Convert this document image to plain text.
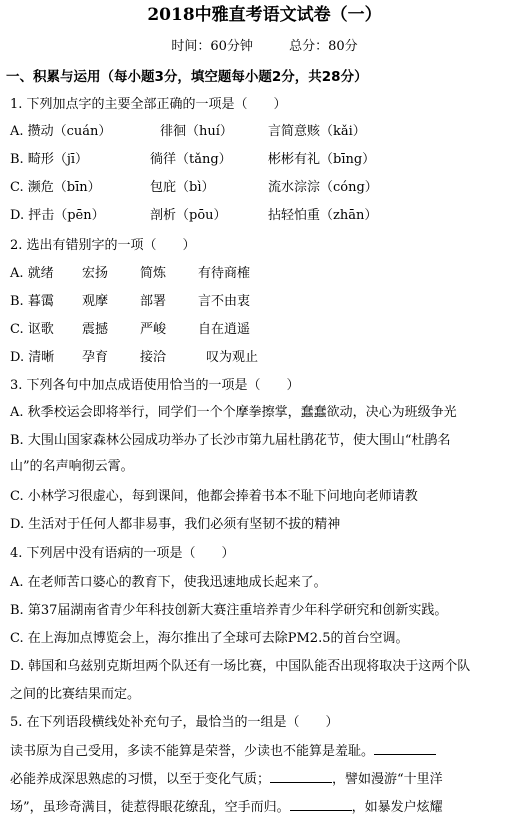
2018中雅直考语文试卷（一）
时间：60分钟	总分：80分
一、积累与运用（每小题3分，填空题每小题2分，共28分）
1. 下列加点字的主要全部正确的一项是（　　）
A. 攒动（cuán）	徘徊（huí）	言简意赅（kǎi）
B. 畸形（jī）	徜徉（tǎng）	彬彬有礼（bīng）
C. 濒危（bīn）	包庇（bì）	流水淙淙（cóng）
D. 抨击（pēn）	剖析（pōu）	拈轻怕重（zhān）
2. 选出有错别字的一项（　　）
A. 就绪 宏扬 简炼 有待商榷
B. 暮霭 观摩 部署 言不由衷
C. 讴歌 震撼 严峻 自在逍遥
D. 清晰 孕育 接洽	叹为观止
3. 下列各句中加点成语使用恰当的一项是（　　）
A. 秋季校运会即将举行，同学们一个个摩拳擦掌，蠢蠢欲动，决心为班级争光
B. 大围山国家森林公园成功举办了长沙市第九届杜鹃花节，使大围山“杜鹃名
山”的名声响彻云霄。
C. 小林学习很虚心，每到课间，他都会捧着书本不耻下问地向老师请教
D. 生活对于任何人都非易事，我们必须有坚韧不拔的精神
4. 下列居中没有语病的一项是（　　）
A. 在老师苦口婆心的教育下，使我迅速地成长起来了。
B. 第37届湖南省青少年科技创新大赛注重培养青少年科学研究和创新实践。
C. 在上海加点博览会上，海尔推出了全球可去除PM2.5的首台空调。
D. 韩国和乌兹别克斯坦两个队还有一场比赛，中国队能否出现将取决于这两个队
之间的比赛结果而定。
5. 在下列语段横线处补充句子，最恰当的一组是（　　）
读书原为自己受用，多读不能算是荣誉，少读也不能算是羞耻。
必能养成深思熟虑的习惯，以至于变化气质；	，譬如漫游“十里洋
场”，虽珍奇满目，徒惹得眼花缭乱，空手而归。	，如暴发户炫耀
